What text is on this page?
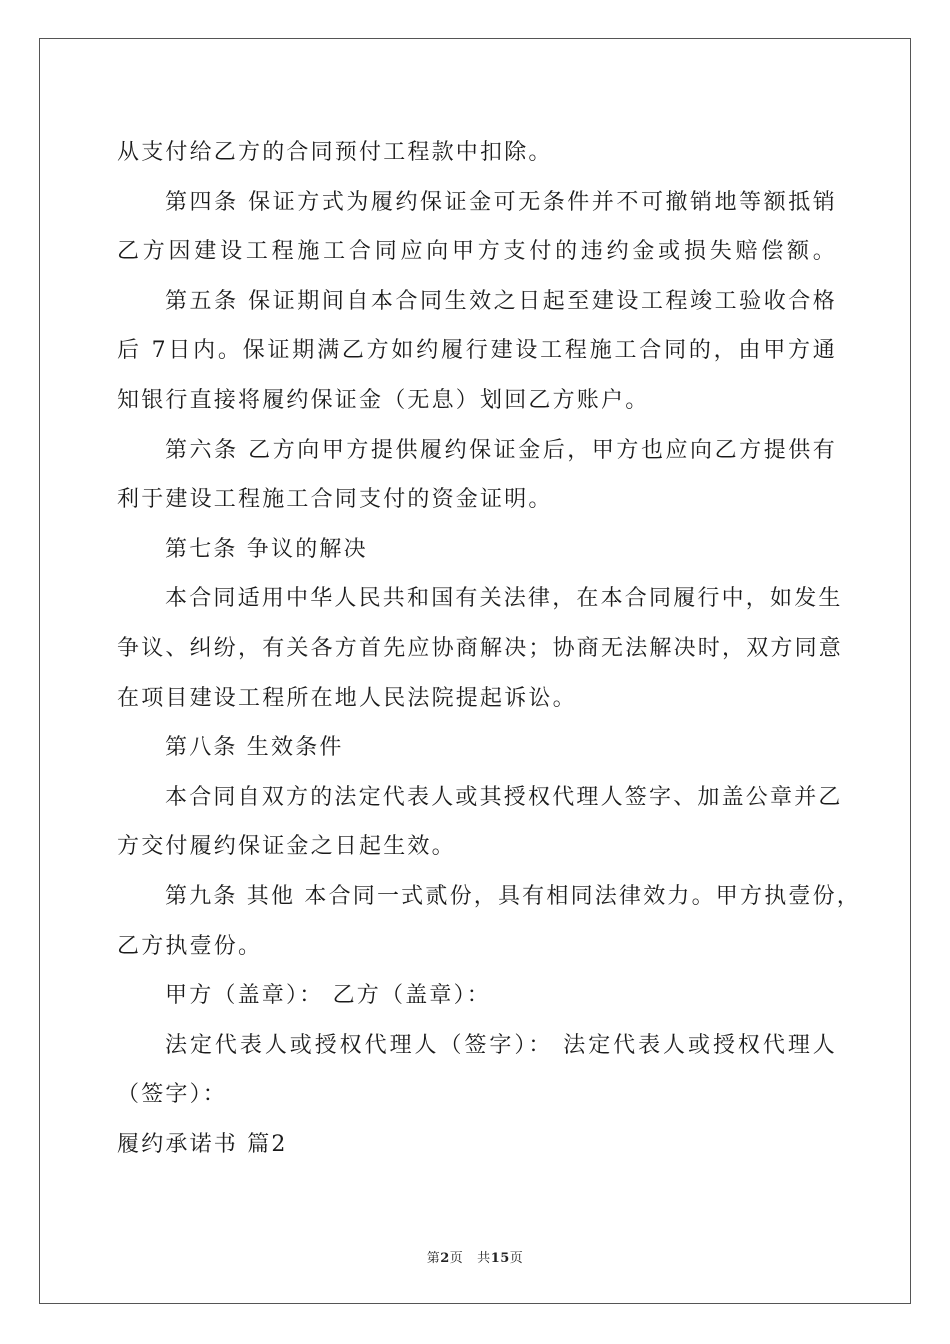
从支付给乙方的合同预付工程款中扣除。
第四条 保证方式为履约保证金可无条件并不可撤销地等额抵销
乙方因建设工程施工合同应向甲方支付的违约金或损失赔偿额。
第五条 保证期间自本合同生效之日起至建设工程竣工验收合格
后 7日内。保证期满乙方如约履行建设工程施工合同的，由甲方通
知银行直接将履约保证金（无息）划回乙方账户。
第六条 乙方向甲方提供履约保证金后，甲方也应向乙方提供有
利于建设工程施工合同支付的资金证明。
第七条 争议的解决
本合同适用中华人民共和国有关法律，在本合同履行中，如发生
争议、纠纷，有关各方首先应协商解决；协商无法解决时，双方同意
在项目建设工程所在地人民法院提起诉讼。
第八条 生效条件
本合同自双方的法定代表人或其授权代理人签字、加盖公章并乙
方交付履约保证金之日起生效。
第九条 其他 本合同一式贰份，具有相同法律效力。甲方执壹份，
乙方执壹份。
甲方（盖章）： 乙方（盖章）：
法定代表人或授权代理人（签字）： 法定代表人或授权代理人
（签字）：
履约承诺书 篇2
第2页 共15页
